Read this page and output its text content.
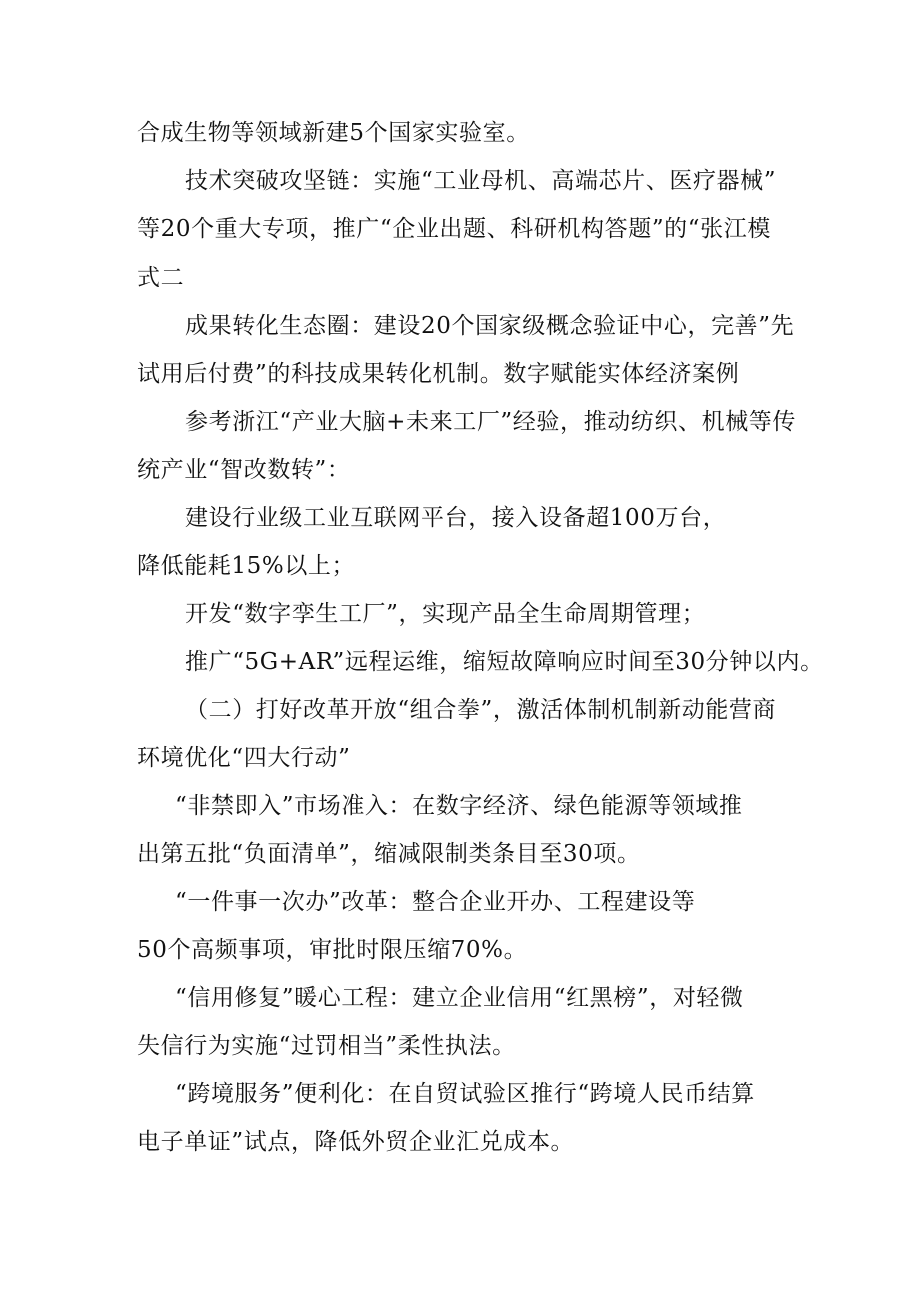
合成生物等领域新建5个国家实验室。
技术突破攻坚链：实施“工业母机、高端芯片、医疗器械”
等20个重大专项，推广“企业出题、科研机构答题”的“张江模
式二
成果转化生态圈：建设20个国家级概念验证中心，完善”先
试用后付费”的科技成果转化机制。数字赋能实体经济案例
参考浙江“产业大脑+未来工厂”经验，推动纺织、机械等传
统产业“智改数转”：
建设行业级工业互联网平台，接入设备超100万台，
降低能耗15%以上；
开发“数字孪生工厂”，实现产品全生命周期管理；
推广“5G+AR”远程运维，缩短故障响应时间至30分钟以内。
（二）打好改革开放“组合拳”，激活体制机制新动能营商
环境优化“四大行动”
“非禁即入”市场准入：在数字经济、绿色能源等领域推
出第五批“负面清单”，缩减限制类条目至30项。
“一件事一次办”改革：整合企业开办、工程建设等
50个高频事项，审批时限压缩70%。
“信用修复”暖心工程：建立企业信用“红黑榜”，对轻微
失信行为实施“过罚相当”柔性执法。
“跨境服务”便利化：在自贸试验区推行“跨境人民币结算
电子单证”试点，降低外贸企业汇兑成本。
